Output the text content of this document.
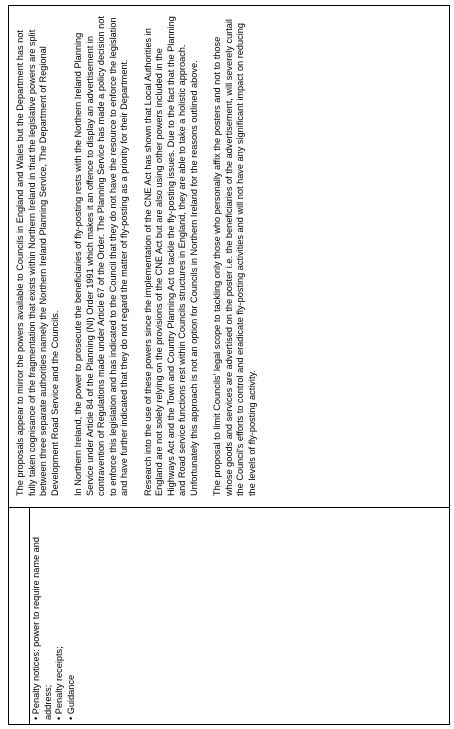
• Penalty notices: power to require name and
address; • Penalty receipts; • Guidance

The proposals appear to mirror the powers available to Councils in England and Wales but the Department has not fully taken cognisance of the fragmentation that exists within Northern Ireland in that the legislative powers are split between three separate authorities namely the Northern Ireland Planning Service, The Department of Regional Development Road Service and the Councils. In Northern Ireland, the power to prosecute the beneficiaries of fly-posting rests with the Northern Ireland Planning Service under Article 84 of the Planning (NI) Order 1991 which makes it an offence to display an advertisement in contravention of Regulations made under Article 67 of the Order. The Planning Service has made a policy decision not to enforce this legislation and has indicated to the Council that they do not have the resource to enforce the legislation and have further indicated that they do not regard the matter of fly-posting as a priority for their Department. Research into the use of these powers since the implementation of the CNE Act has shown that Local Authorities in England are not solely relying on the provisions of the CNE Act but are also using other powers included in the Highways Act and the Town and Country Planning Act to tackle the fly-posting issues. Due to the fact that the Planning and Road service functions rest within Councils structures in England, they are able to take a holistic approach. Unfortunately this approach is not an option for Councils in Northern Ireland for the reasons outlined above. The proposal to limit Councils' legal scope to tackling only those who personally affix the posters and not to those whose goods and services are advertised on the poster i.e. the beneficiaries of the advertisement, will severely curtail the Council's efforts to control and eradicate fly-posting activities and will not have any significant impact on reducing the levels of fly-posting activity.
